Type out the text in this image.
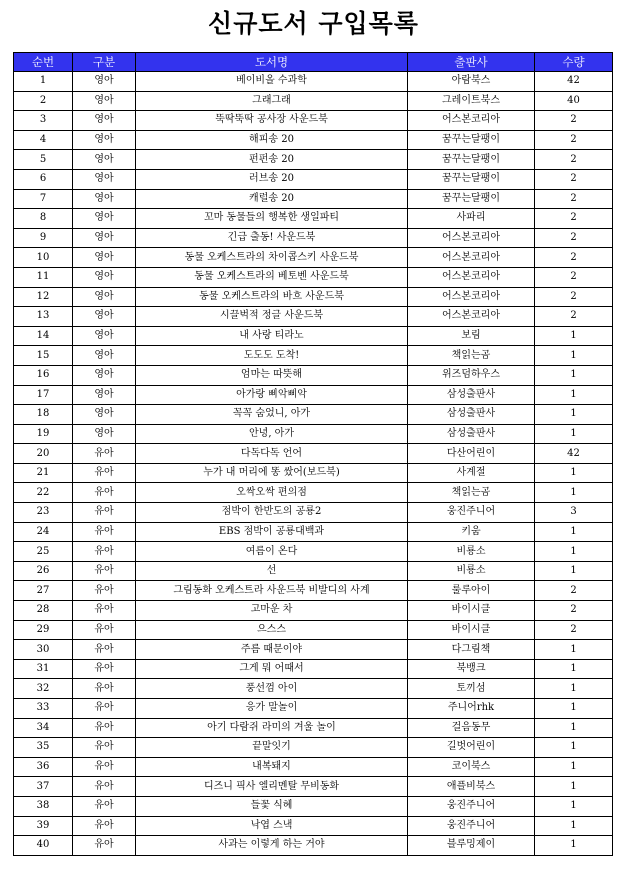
신규도서 구입목록
순번	구분	도서명	출판사	수량
1	영아	베이비올 수과학	아람북스	42
2	영아	그래그래	그레이트북스	40
3	영아	뚝딱뚝딱 공사장 사운드북	어스본코리아	2
4	영아	해피송 20	꿈꾸는달팽이	2
5	영아	펀펀송 20	꿈꾸는달팽이	2
6	영아	러브송 20	꿈꾸는달팽이	2
7	영아	캐럴송 20	꿈꾸는달팽이	2
8	영아	꼬마 동물들의 행복한 생일파티	사파리	2
9	영아	긴급 출동! 사운드북	어스본코리아	2
10	영아	동물 오케스트라의 차이콥스키 사운드북	어스본코리아	2
11	영아	동물 오케스트라의 베토벤 사운드북	어스본코리아	2
12	영아	동물 오케스트라의 바흐 사운드북	어스본코리아	2
13	영아	시끌벅적 정글 사운드북	어스본코리아	2
14	영아	내 사랑 티라노	보림	1
15	영아	도도도 도착!	책읽는곰	1
16	영아	엄마는 따뜻해	위즈덤하우스	1
17	영아	아가랑 삐악삐악	삼성출판사	1
18	영아	꼭꼭 숨었니, 아가	삼성출판사	1
19	영아	안녕, 아가	삼성출판사	1
20	유아	다독다독 언어	다산어린이	42
21	유아	누가 내 머리에 똥 쌌어(보드북)	사계절	1
22	유아	오싹오싹 편의점	책읽는곰	1
23	유아	점박이 한반도의 공룡2	웅진주니어	3
24	유아	EBS 점박이 공룡대백과	키움	1
25	유아	여름이 온다	비룡소	1
26	유아	선	비룡소	1
27	유아	그림동화 오케스트라 사운드북 비발디의 사계	룰루아이	2
28	유아	고마운 차	바이시클	2
29	유아	으스스	바이시클	2
30	유아	주름 때문이야	다그림책	1
31	유아	그게 뭐 어때서	북뱅크	1
32	유아	풍선껌 아이	토끼섬	1
33	유아	응가 말놀이	주니어rhk	1
34	유아	아기 다람쥐 라미의 겨울 놀이	걸음동무	1
35	유아	끝말잇기	길벗어린이	1
36	유아	내복돼지	코이북스	1
37	유아	디즈니 픽사 엘리멘탈 무비동화	애플비북스	1
38	유아	들꽃 식혜	웅진주니어	1
39	유아	낙엽 스낵	웅진주니어	1
40	유아	사과는 이렇게 하는 거야	블루밍제이	1
